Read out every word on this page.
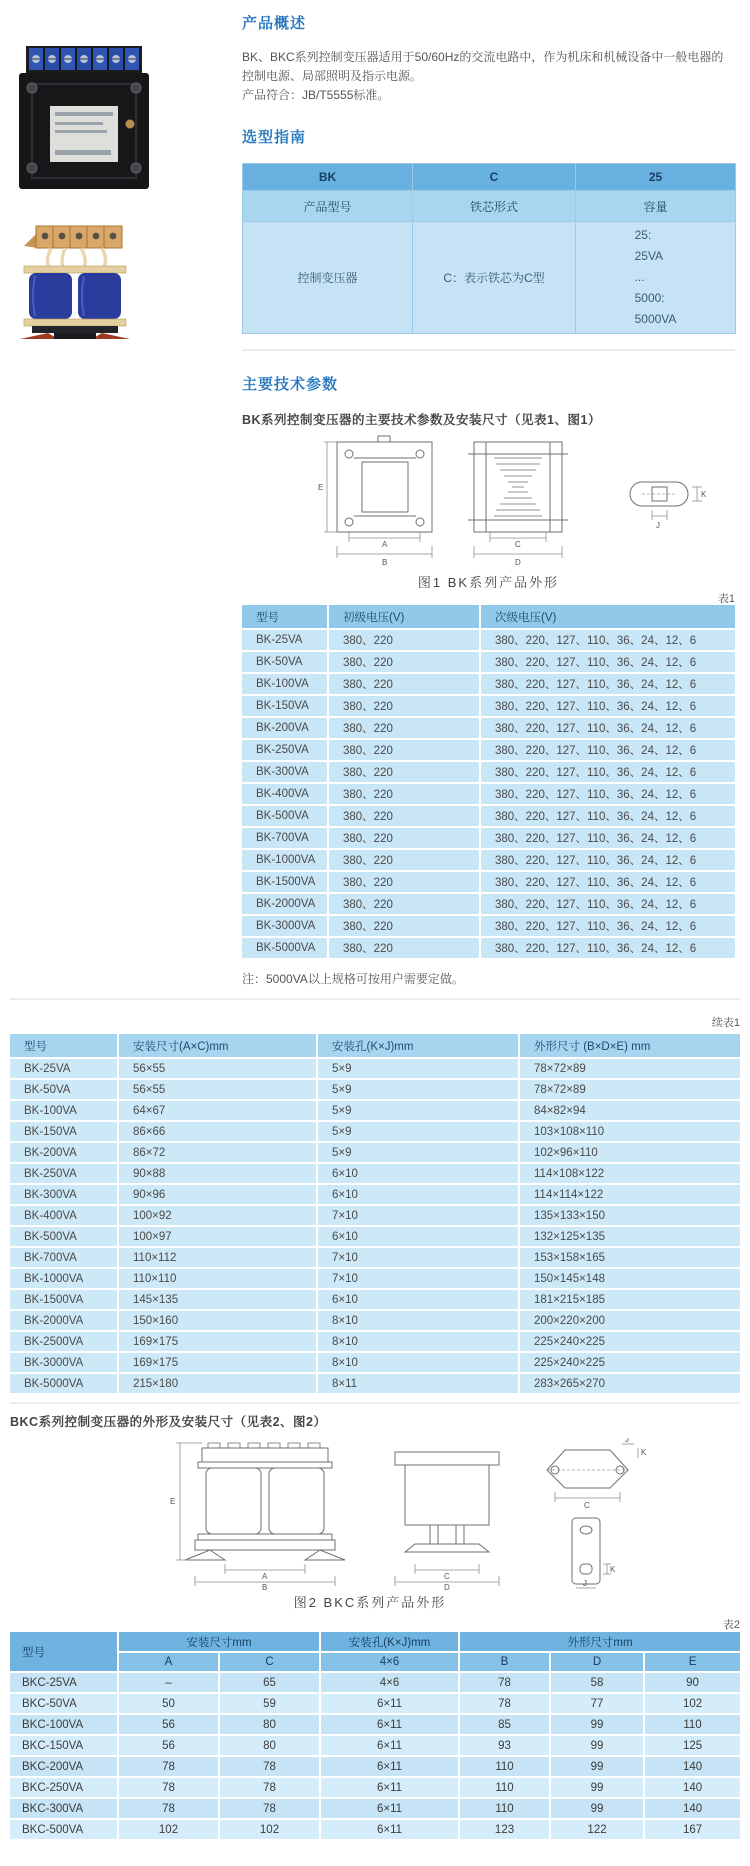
产品概述
BK、BKC系列控制变压器适用于50/60Hz的交流电路中，作为机床和机械设备中一般电器的控制电源、局部照明及指示电源。
产品符合：JB/T5555标准。
选型指南
BK	C	25
产品型号	铁芯形式	容量
控制变压器	C：表示铁芯为C型	25:
25VA
...
5000:
5000VA
主要技术参数
BK系列控制变压器的主要技术参数及安装尺寸（见表1、图1）
E
A
B
C
D
K
J
图1 BK系列产品外形
表1
型号	初级电压(V)	次级电压(V)
BK-25VA	380、220	380、220、127、110、36、24、12、6
BK-50VA	380、220	380、220、127、110、36、24、12、6
BK-100VA	380、220	380、220、127、110、36、24、12、6
BK-150VA	380、220	380、220、127、110、36、24、12、6
BK-200VA	380、220	380、220、127、110、36、24、12、6
BK-250VA	380、220	380、220、127、110、36、24、12、6
BK-300VA	380、220	380、220、127、110、36、24、12、6
BK-400VA	380、220	380、220、127、110、36、24、12、6
BK-500VA	380、220	380、220、127、110、36、24、12、6
BK-700VA	380、220	380、220、127、110、36、24、12、6
BK-1000VA	380、220	380、220、127、110、36、24、12、6
BK-1500VA	380、220	380、220、127、110、36、24、12、6
BK-2000VA	380、220	380、220、127、110、36、24、12、6
BK-3000VA	380、220	380、220、127、110、36、24、12、6
BK-5000VA	380、220	380、220、127、110、36、24、12、6
注：5000VA以上规格可按用户需要定做。
续表1
型号	安装尺寸(A×C)mm	安装孔(K×J)mm	外形尺寸 (B×D×E) mm
BK-25VA	56×55	5×9	78×72×89
BK-50VA	56×55	5×9	78×72×89
BK-100VA	64×67	5×9	84×82×94
BK-150VA	86×66	5×9	103×108×110
BK-200VA	86×72	5×9	102×96×110
BK-250VA	90×88	6×10	114×108×122
BK-300VA	90×96	6×10	114×114×122
BK-400VA	100×92	7×10	135×133×150
BK-500VA	100×97	6×10	132×125×135
BK-700VA	110×112	7×10	153×158×165
BK-1000VA	110×110	7×10	150×145×148
BK-1500VA	145×135	6×10	181×215×185
BK-2000VA	150×160	8×10	200×220×200
BK-2500VA	169×175	8×10	225×240×225
BK-3000VA	169×175	8×10	225×240×225
BK-5000VA	215×180	8×11	283×265×270
BKC系列控制变压器的外形及安装尺寸（见表2、图2）
E
A
B
C
D
C
J
K
K
J
图2 BKC系列产品外形
表2
型号	安装尺寸mm		安装孔(K×J)mm	外形尺寸mm		
	A	C	4×6	B	D	E
BKC-25VA	–	65	4×6	78	58	90
BKC-50VA	50	59	6×11	78	77	102
BKC-100VA	56	80	6×11	85	99	110
BKC-150VA	56	80	6×11	93	99	125
BKC-200VA	78	78	6×11	110	99	140
BKC-250VA	78	78	6×11	110	99	140
BKC-300VA	78	78	6×11	110	99	140
BKC-500VA	102	102	6×11	123	122	167
